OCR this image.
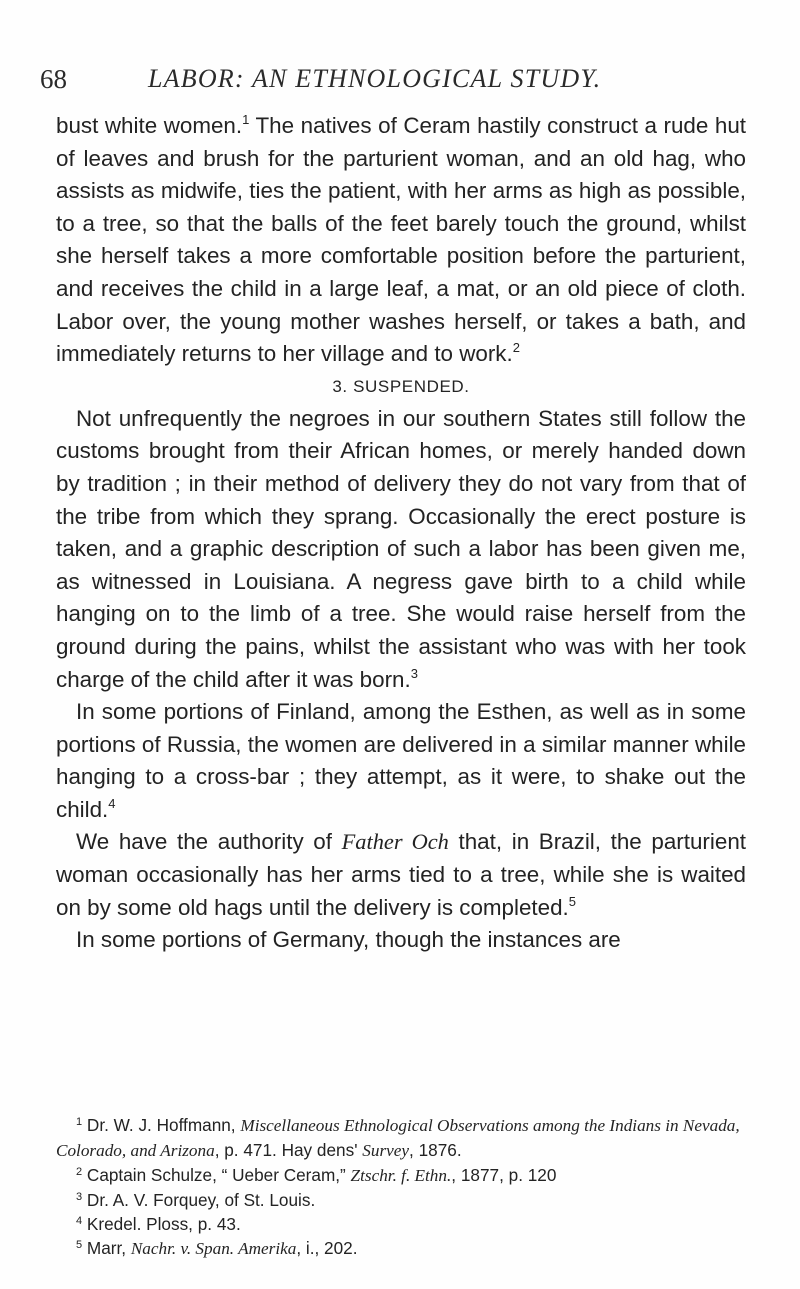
68	LABOR: AN ETHNOLOGICAL STUDY.

bust white women.$^1$ The natives of Ceram hastily construct a rude hut of leaves and brush for the parturient woman, and an old hag, who assists as midwife, ties the patient, with her arms as high as possible, to a tree, so that the balls of the feet barely touch the ground, whilst she herself takes a more comfortable position before the parturient, and receives the child in a large leaf, a mat, or an old piece of cloth. Labor over, the young mother washes herself, or takes a bath, and immediately returns to her village and to work.$^2$

3. SUSPENDED.

Not unfrequently the negroes in our southern States still follow the customs brought from their African homes, or merely handed down by tradition ; in their method of delivery they do not vary from that of the tribe from which they sprang. Occasionally the erect posture is taken, and a graphic description of such a labor has been given me, as witnessed in Louisiana. A negress gave birth to a child while hanging on to the limb of a tree. She would raise herself from the ground during the pains, whilst the assistant who was with her took charge of the child after it was born.$^3$

In some portions of Finland, among the Esthen, as well as in some portions of Russia, the women are delivered in a similar manner while hanging to a cross-bar ; they attempt, as it were, to shake out the child.$^4$

We have the authority of Father Och that, in Brazil, the parturient woman occasionally has her arms tied to a tree, while she is waited on by some old hags until the delivery is completed.$^5$

In some portions of Germany, though the instances are

$^1$ Dr. W. J. Hoffmann, Miscellaneous Ethnological Observations among the Indians in Nevada, Colorado, and Arizona, p. 471. Hay dens' Survey, 1876.

$^2$ Captain Schulze, “ Ueber Ceram,” Ztschr. f. Ethn., 1877, p. 120

$^3$ Dr. A. V. Forquey, of St. Louis.

$^4$ Kredel. Ploss, p. 43.

$^5$ Marr, Nachr. v. Span. Amerika, i., 202.
